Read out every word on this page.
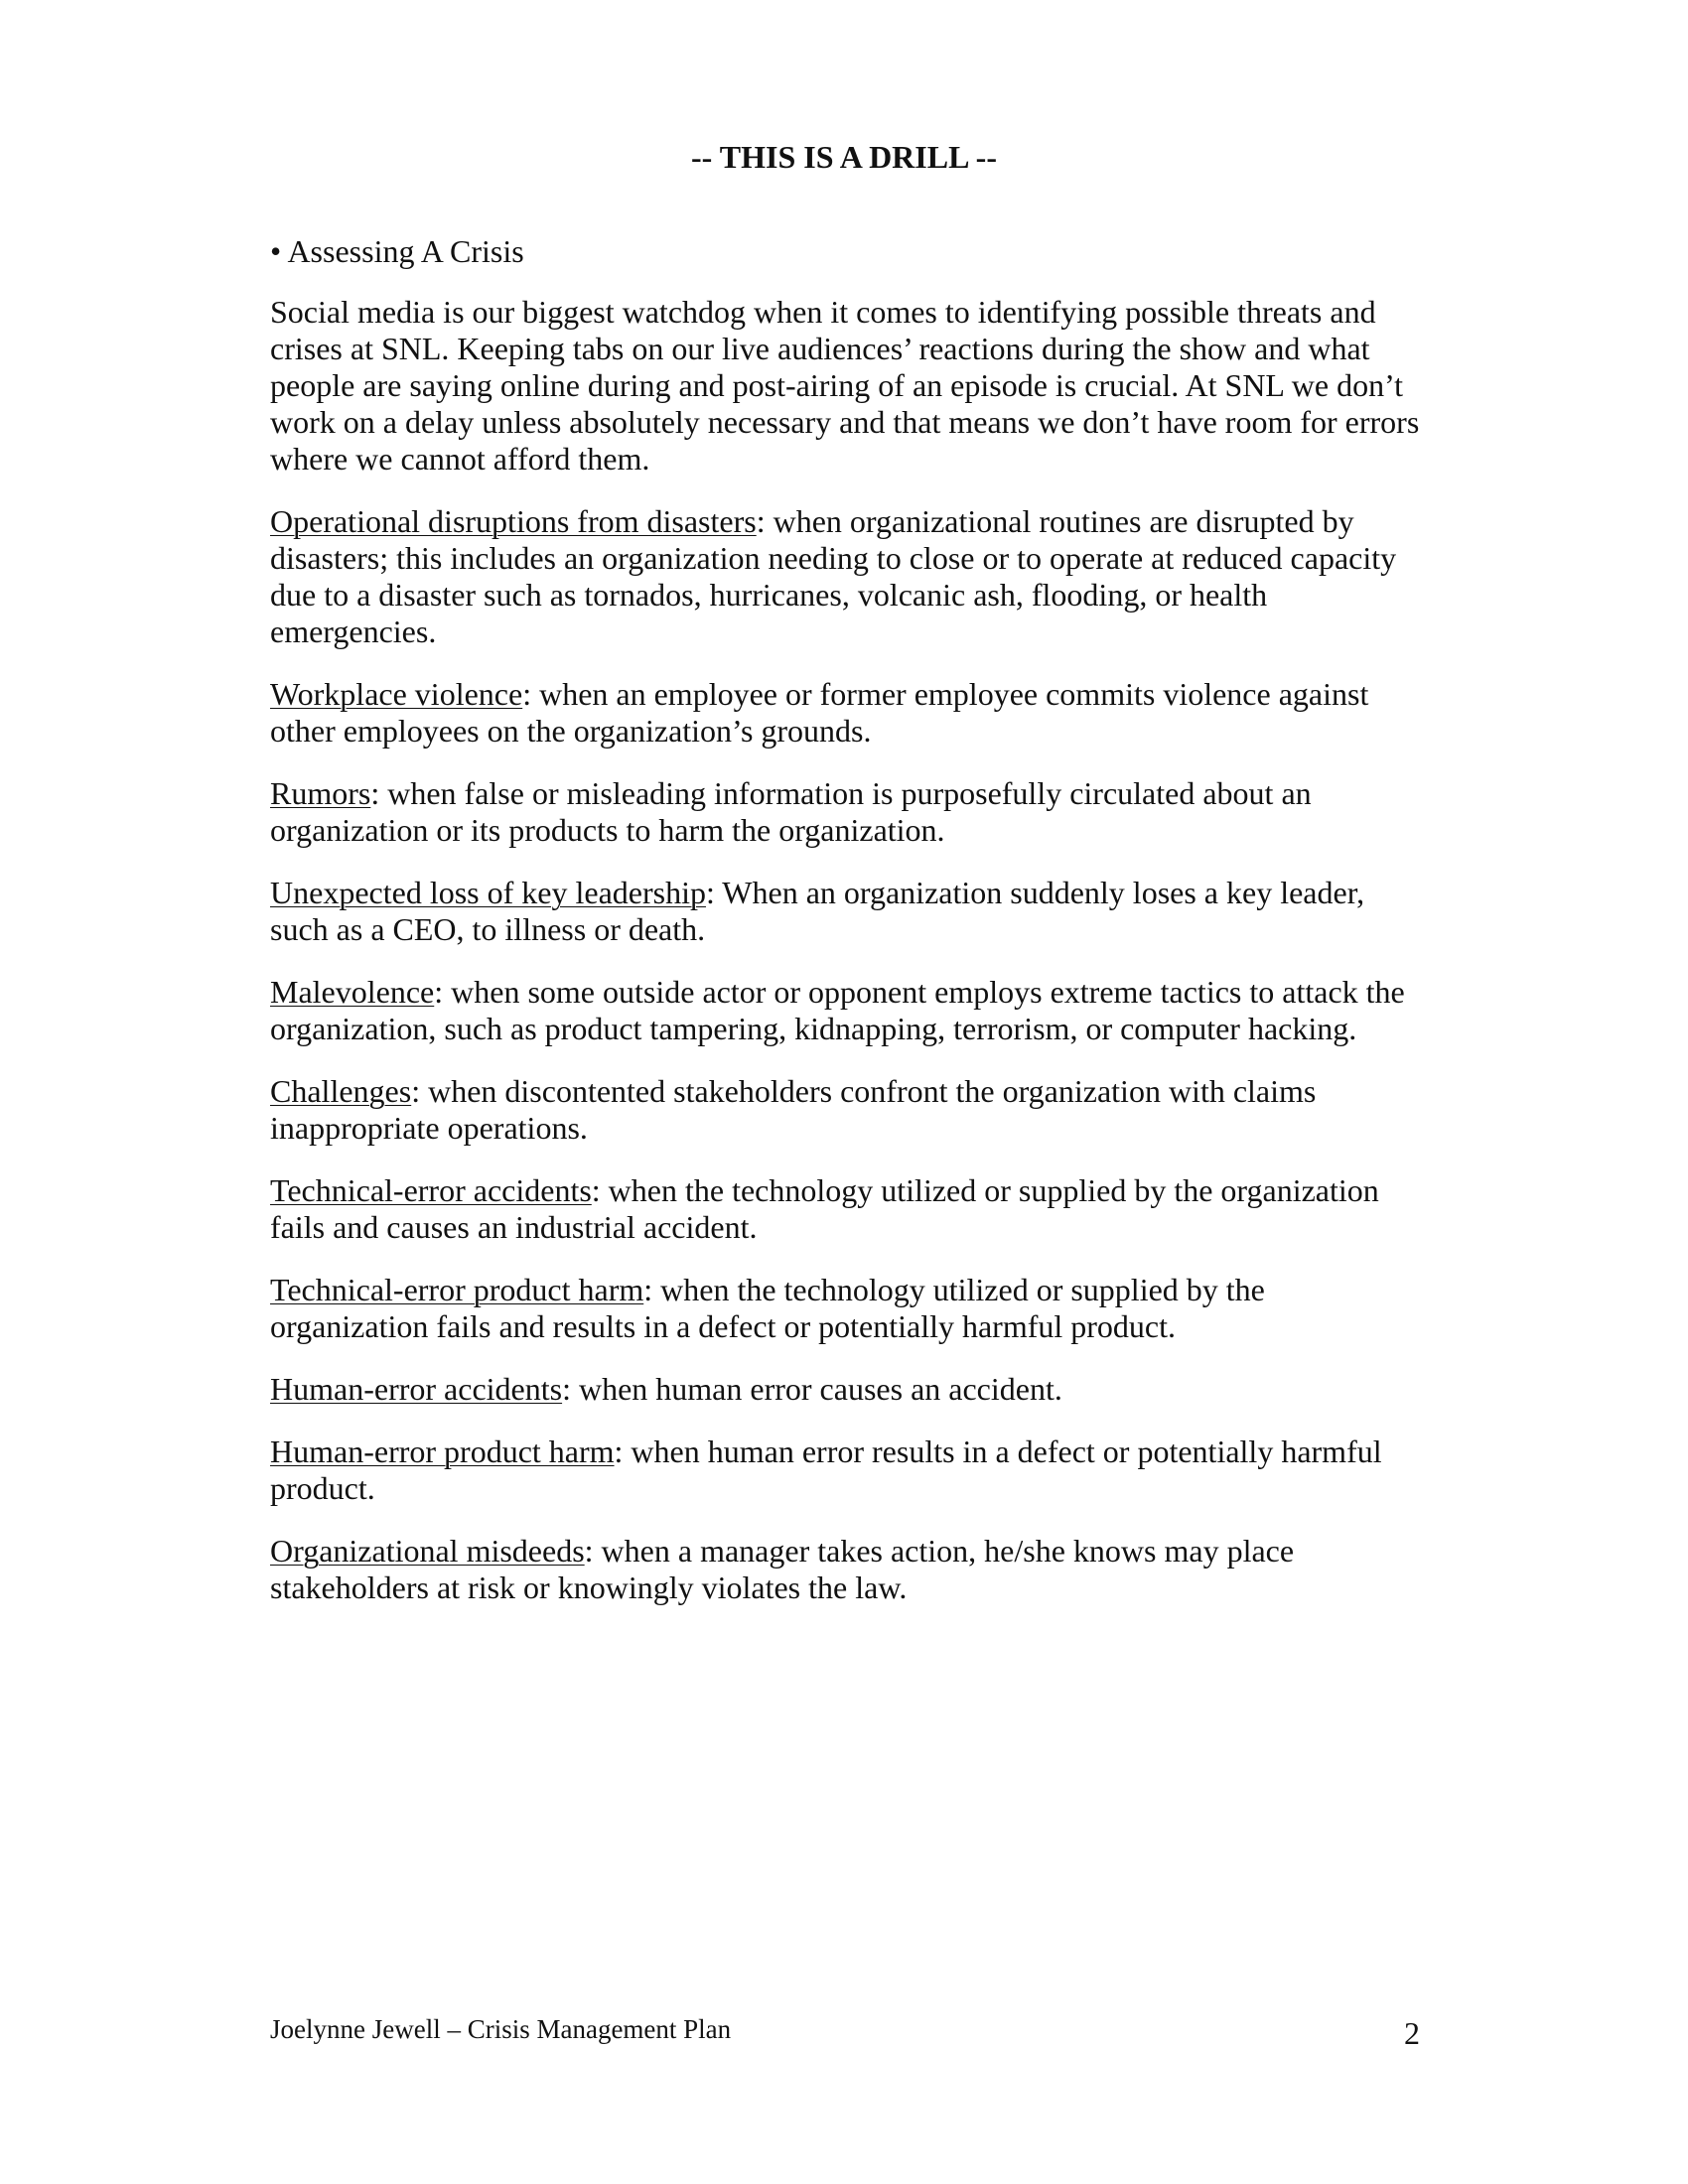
-- THIS IS A DRILL --

• Assessing A Crisis

Social media is our biggest watchdog when it comes to identifying possible threats and crises at SNL. Keeping tabs on our live audiences’ reactions during the show and what people are saying online during and post-airing of an episode is crucial. At SNL we don’t work on a delay unless absolutely necessary and that means we don’t have room for errors where we cannot afford them.

Operational disruptions from disasters: when organizational routines are disrupted by disasters; this includes an organization needing to close or to operate at reduced capacity due to a disaster such as tornados, hurricanes, volcanic ash, flooding, or health emergencies.

Workplace violence: when an employee or former employee commits violence against other employees on the organization’s grounds.

Rumors: when false or misleading information is purposefully circulated about an organization or its products to harm the organization.

Unexpected loss of key leadership: When an organization suddenly loses a key leader, such as a CEO, to illness or death.

Malevolence: when some outside actor or opponent employs extreme tactics to attack the organization, such as product tampering, kidnapping, terrorism, or computer hacking.

Challenges: when discontented stakeholders confront the organization with claims inappropriate operations.

Technical-error accidents: when the technology utilized or supplied by the organization fails and causes an industrial accident.

Technical-error product harm: when the technology utilized or supplied by the organization fails and results in a defect or potentially harmful product.

Human-error accidents: when human error causes an accident.

Human-error product harm: when human error results in a defect or potentially harmful product.

Organizational misdeeds: when a manager takes action, he/she knows may place stakeholders at risk or knowingly violates the law.

Joelynne Jewell – Crisis Management Plan	2
